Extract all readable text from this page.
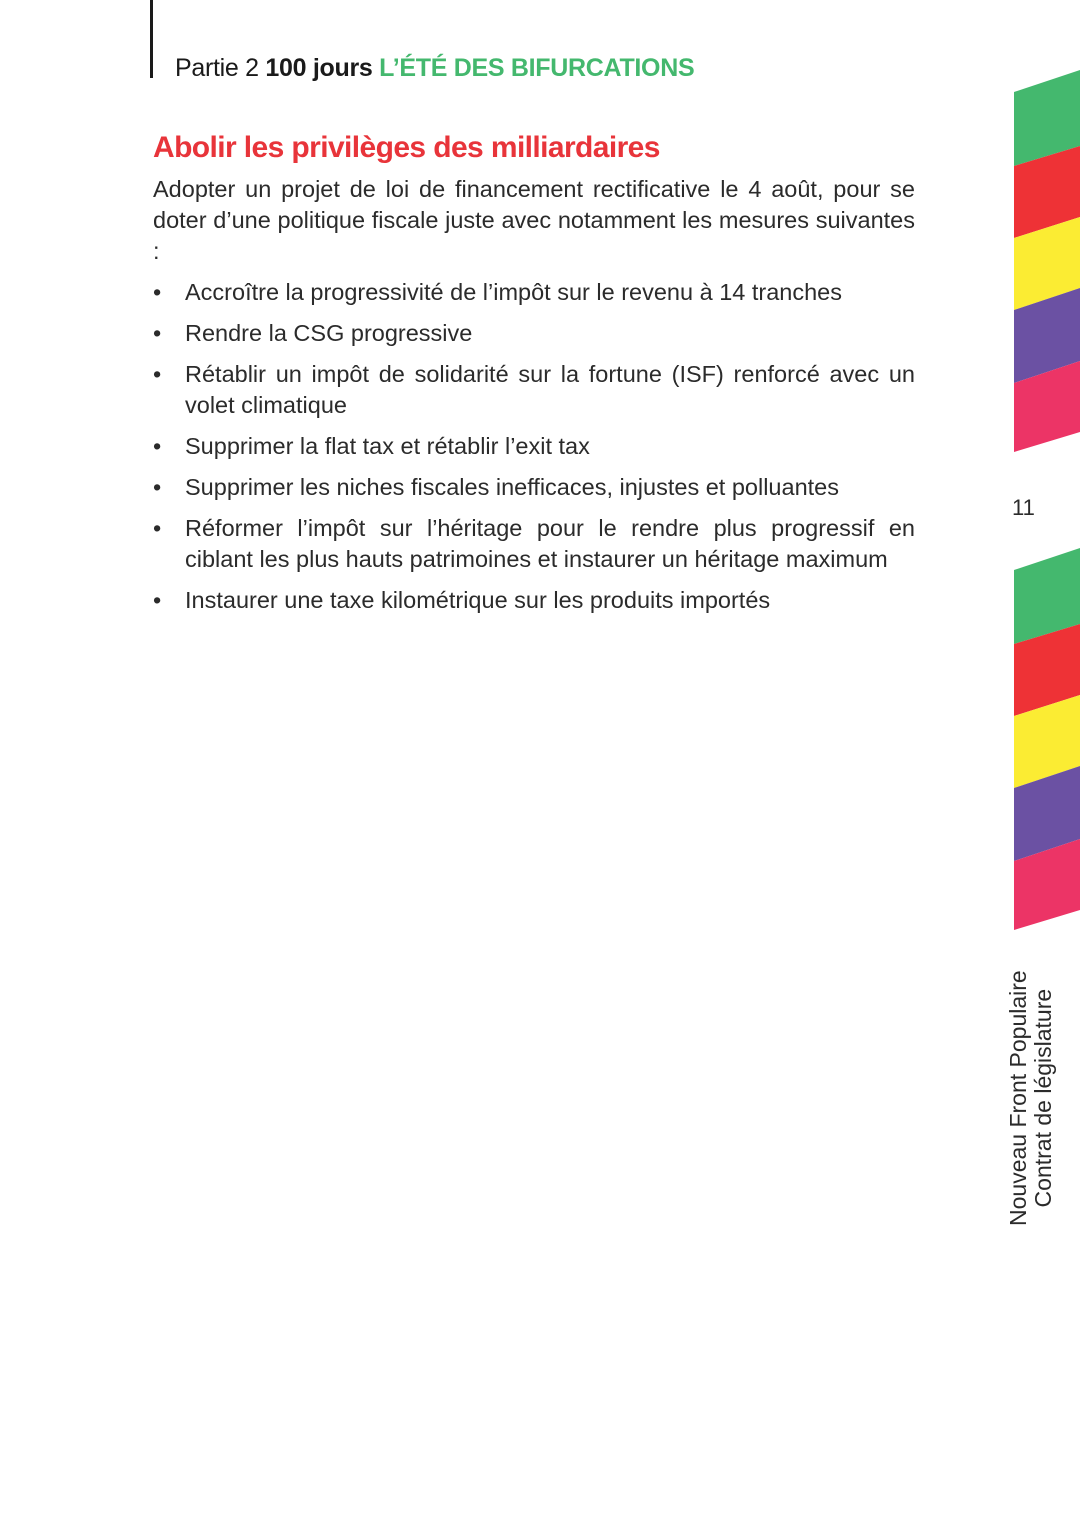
Partie 2 100 jours L’ÉTÉ DES BIFURCATIONS
Abolir les privilèges des milliardaires

Adopter un projet de loi de financement rectificative le 4 août, pour se doter d’une politique fiscale juste avec notamment les mesures suivantes :

• Accroître la progressivité de l’impôt sur le revenu à 14 tranches
• Rendre la CSG progressive
• Rétablir un impôt de solidarité sur la fortune (ISF) renforcé avec un volet climatique
• Supprimer la flat tax et rétablir l’exit tax
• Supprimer les niches fiscales inefficaces, injustes et polluantes
• Réformer l’impôt sur l’héritage pour le rendre plus progressif en ciblant les plus hauts patrimoines et instaurer un héritage maximum
• Instaurer une taxe kilométrique sur les produits importés
11
Nouveau Front Populaire Contrat de législature
